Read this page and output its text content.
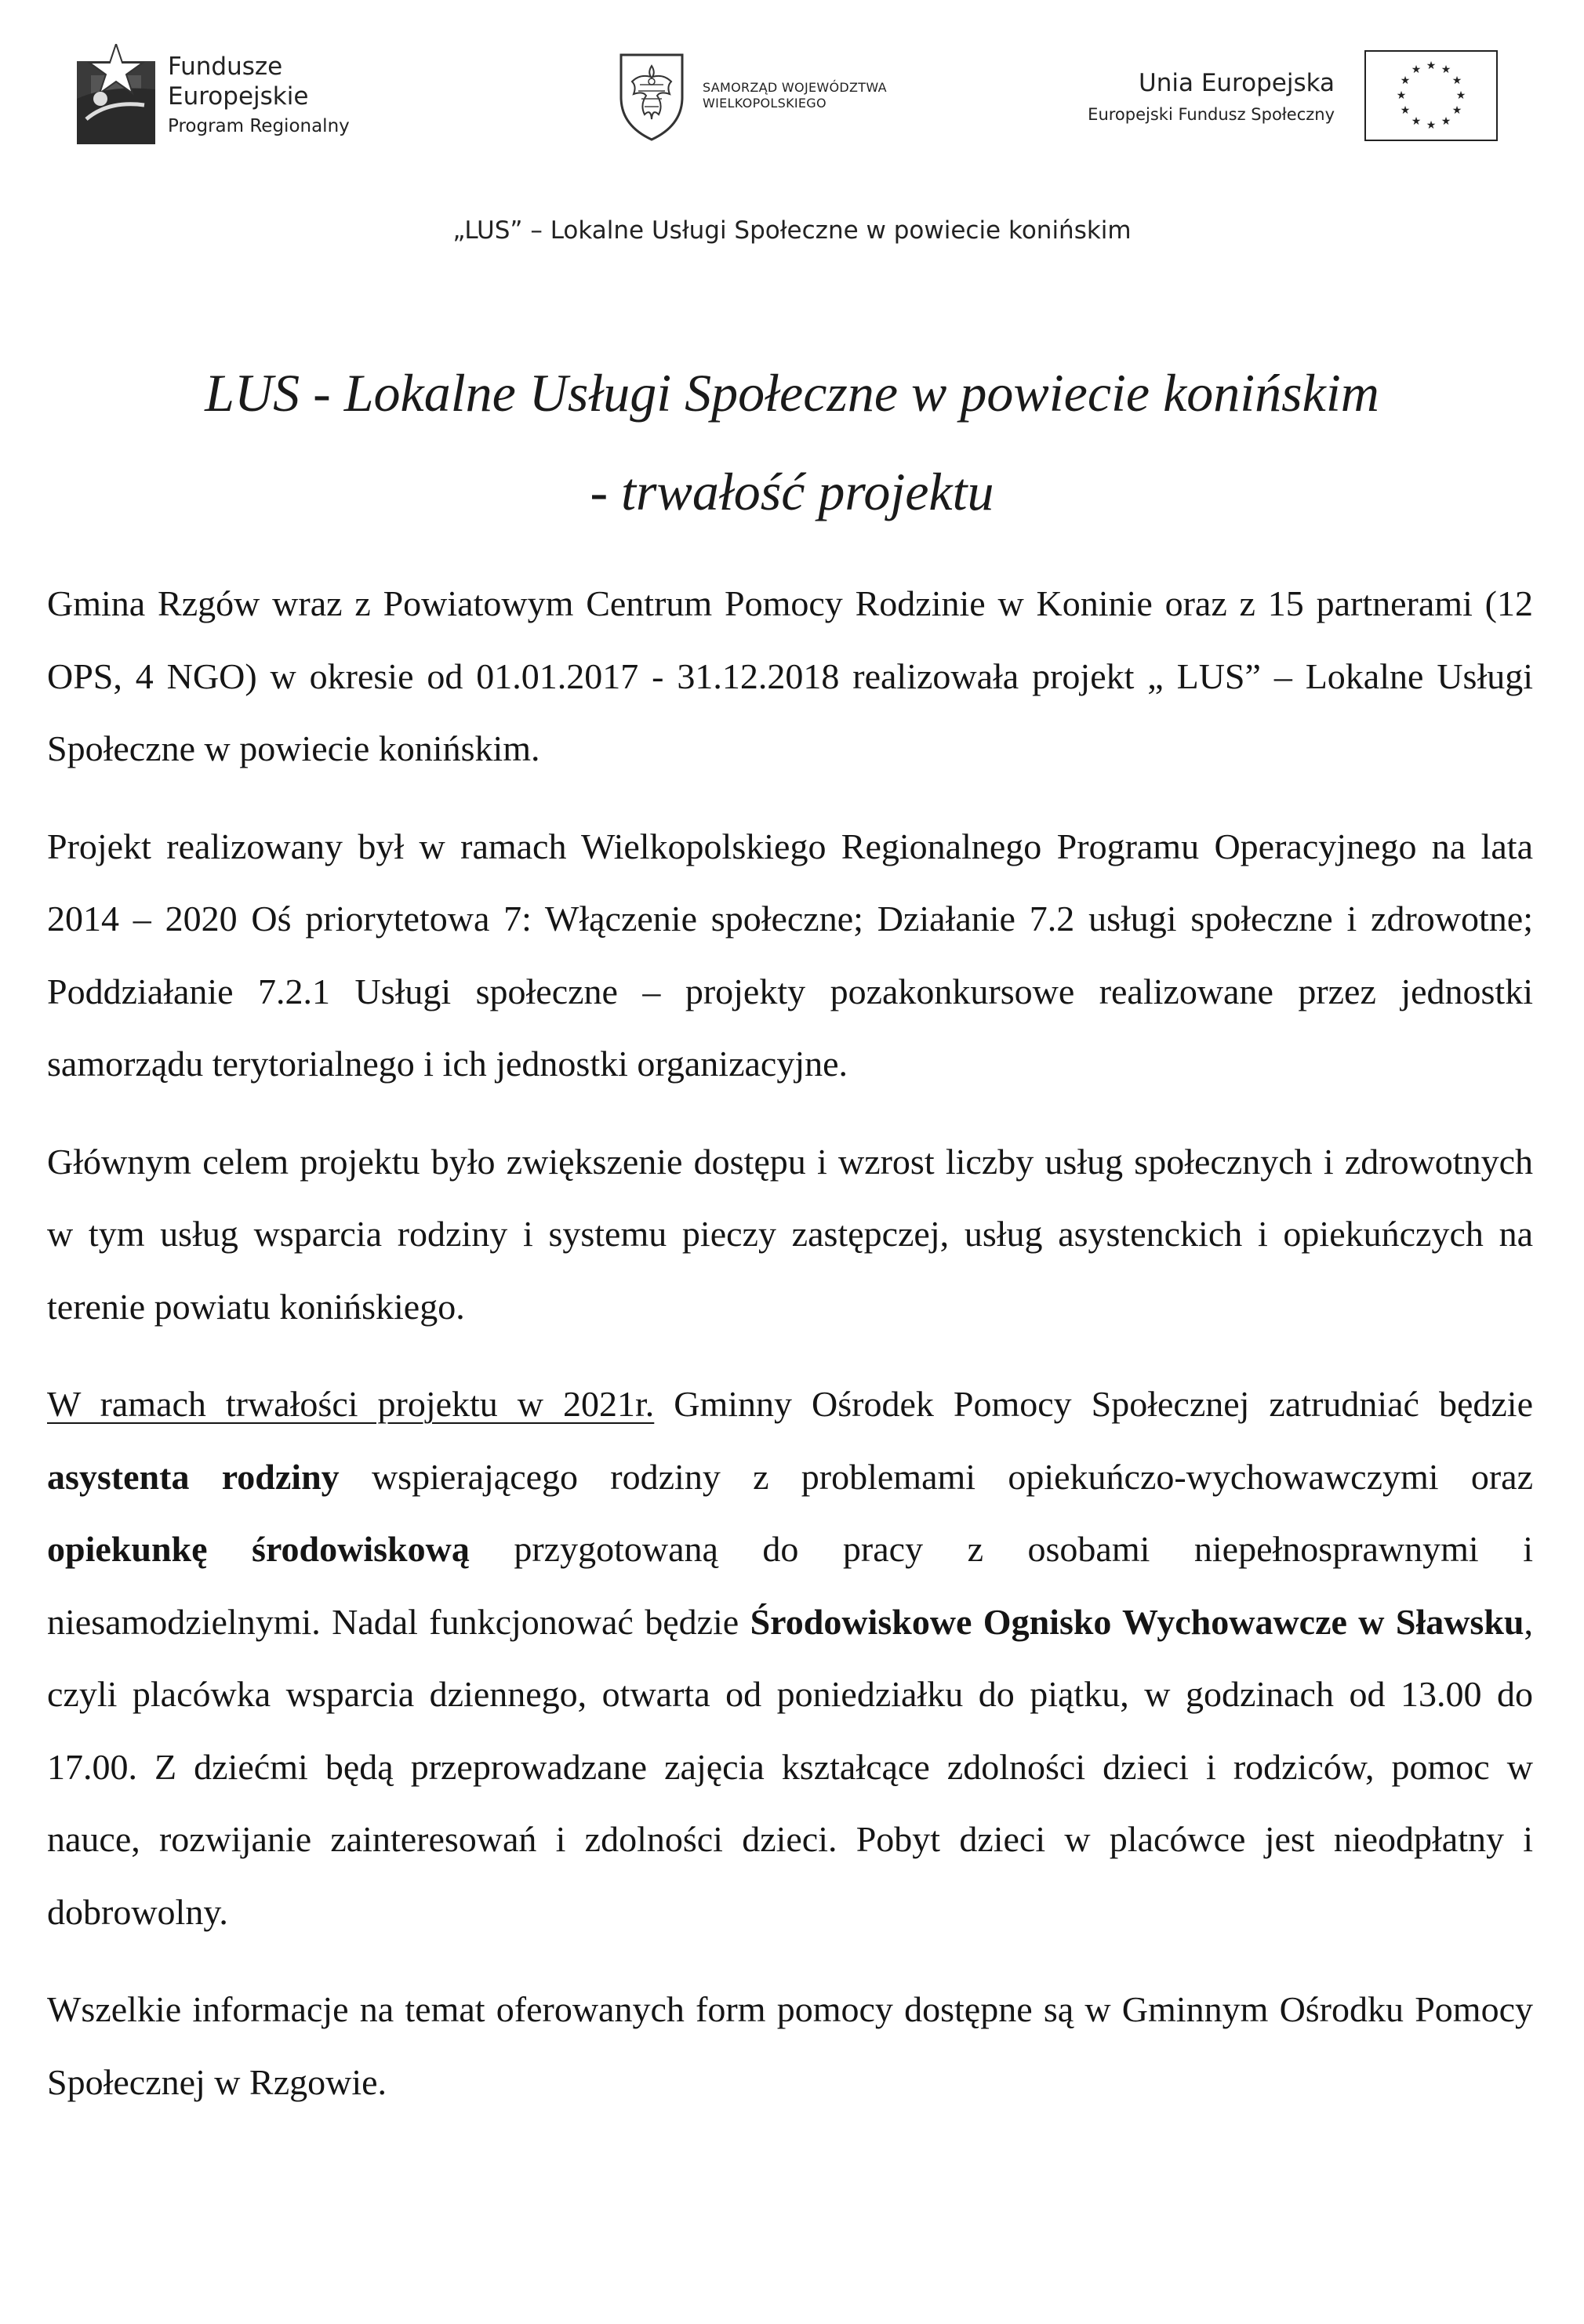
Fundusze
Europejskie
Program Regionalny
SAMORZĄD WOJEWÓDZTWA
WIELKOPOLSKIEGO
Unia Europejska
Europejski Fundusz Społeczny
★ ★
★
★
★
★
★
★
★
★
★
★
„LUS” – Lokalne Usługi Społeczne w powiecie konińskim
LUS - Lokalne Usługi Społeczne w powiecie konińskim
- trwałość projektu

Gmina Rzgów wraz z Powiatowym Centrum Pomocy Rodzinie w Koninie oraz z 15 partnerami (12 OPS, 4 NGO) w okresie od 01.01.2017 - 31.12.2018 realizowała projekt „ LUS” – Lokalne Usługi Społeczne w powiecie konińskim.

Projekt realizowany był w ramach Wielkopolskiego Regionalnego Programu Operacyjnego na lata 2014 – 2020 Oś priorytetowa 7: Włączenie społeczne; Działanie 7.2 usługi społeczne i zdrowotne; Poddziałanie 7.2.1 Usługi społeczne – projekty pozakonkursowe realizowane przez jednostki samorządu terytorialnego i ich jednostki organizacyjne.

Głównym celem projektu było zwiększenie dostępu i wzrost liczby usług społecznych i zdrowotnych w tym usług wsparcia rodziny i systemu pieczy zastępczej, usług asystenckich i opiekuńczych na terenie powiatu konińskiego.

W ramach trwałości projektu w 2021r. Gminny Ośrodek Pomocy Społecznej zatrudniać będzie asystenta rodziny wspierającego rodziny z problemami opiekuńczo-wychowawczymi oraz opiekunkę środowiskową przygotowaną do pracy z osobami niepełnosprawnymi i niesamodzielnymi. Nadal funkcjonować będzie Środowiskowe Ognisko Wychowawcze w Sławsku, czyli placówka wsparcia dziennego, otwarta od poniedziałku do piątku, w godzinach od 13.00 do 17.00. Z dziećmi będą przeprowadzane zajęcia kształcące zdolności dzieci i rodziców, pomoc w nauce, rozwijanie zainteresowań i zdolności dzieci. Pobyt dzieci w placówce jest nieodpłatny i dobrowolny.

Wszelkie informacje na temat oferowanych form pomocy dostępne są w Gminnym Ośrodku Pomocy Społecznej w Rzgowie.
